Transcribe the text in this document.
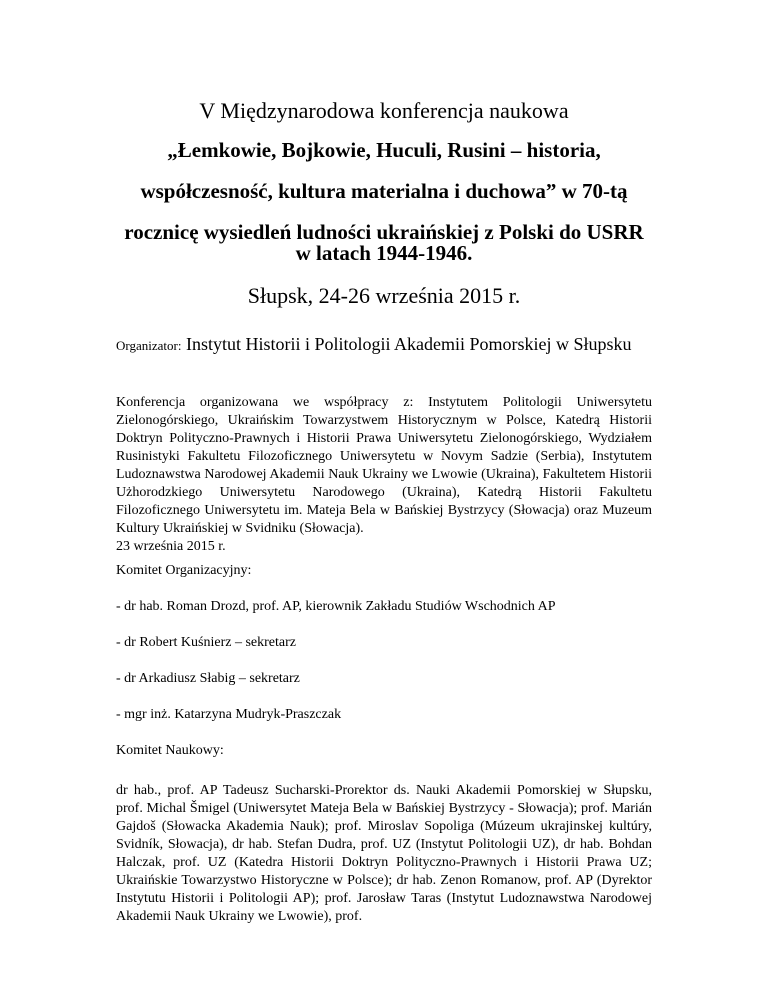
V Międzynarodowa konferencja naukowa
„Łemkowie, Bojkowie, Huculi, Rusini – historia,
współczesność, kultura materialna i duchowa” w 70-tą
rocznicę wysiedleń ludności ukraińskiej z Polski do USRR
w latach 1944-1946.
Słupsk, 24-26 września 2015 r.
Organizator: Instytut Historii i Politologii Akademii Pomorskiej w Słupsku
Konferencja organizowana we współpracy z: Instytutem Politologii Uniwersytetu Zielonogórskiego, Ukraińskim Towarzystwem Historycznym w Polsce, Katedrą Historii Doktryn Polityczno-Prawnych i Historii Prawa Uniwersytetu Zielonogórskiego, Wydziałem Rusinistyki Fakultetu Filozoficznego Uniwersytetu w Novym Sadzie (Serbia), Instytutem Ludoznawstwa Narodowej Akademii Nauk Ukrainy we Lwowie (Ukraina), Fakultetem Historii Użhorodzkiego Uniwersytetu Narodowego (Ukraina), Katedrą Historii Fakultetu Filozoficznego Uniwersytetu im. Mateja Bela w Bańskiej Bystrzycy (Słowacja) oraz Muzeum Kultury Ukraińskiej w Svidniku (Słowacja).
23 września 2015 r.
Komitet Organizacyjny:
- dr hab. Roman Drozd, prof. AP, kierownik Zakładu Studiów Wschodnich AP
- dr Robert Kuśnierz – sekretarz
- dr Arkadiusz Słabig – sekretarz
- mgr inż. Katarzyna Mudryk-Praszczak
Komitet Naukowy:
dr hab., prof. AP Tadeusz Sucharski-Prorektor ds. Nauki Akademii Pomorskiej w Słupsku, prof. Michal Šmigel (Uniwersytet Mateja Bela w Bańskiej Bystrzycy - Słowacja); prof. Marián Gajdoš (Słowacka Akademia Nauk); prof. Miroslav Sopoliga (Múzeum ukrajinskej kultúry, Svidník, Słowacja), dr hab. Stefan Dudra, prof. UZ (Instytut Politologii UZ), dr hab. Bohdan Halczak, prof. UZ (Katedra Historii Doktryn Polityczno-Prawnych i Historii Prawa UZ; Ukraińskie Towarzystwo Historyczne w Polsce); dr hab. Zenon Romanow, prof. AP (Dyrektor Instytutu Historii i Politologii AP); prof. Jarosław Taras (Instytut Ludoznawstwa Narodowej Akademii Nauk Ukrainy we Lwowie), prof.
